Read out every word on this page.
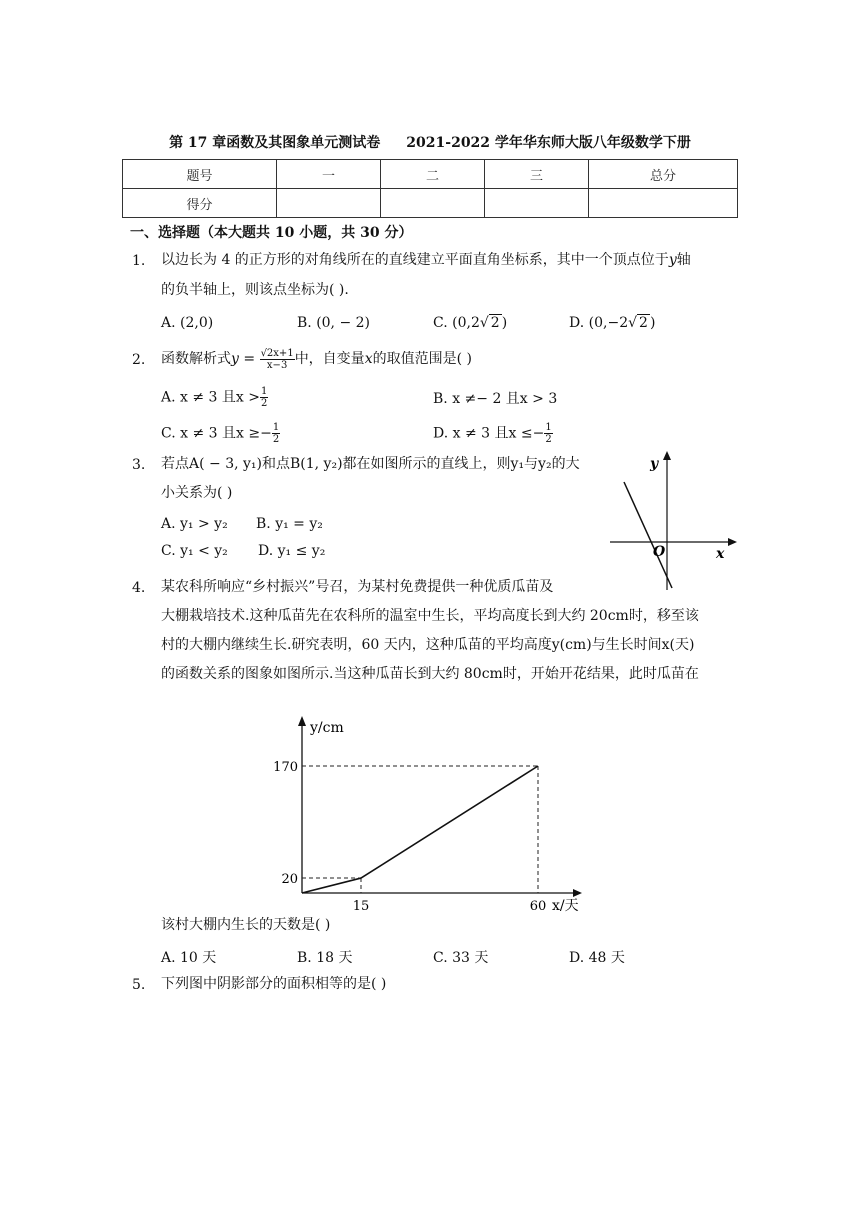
第 17 章函数及其图象单元测试卷 2021-2022 学年华东师大版八年级数学下册
题号	一	二	三	总分
得分				
一、选择题（本大题共 10 小题，共 30 分）
1. 以边长为 4 的正方形的对角线所在的直线建立平面直角坐标系，其中一个顶点位于y轴
的负半轴上，则该点坐标为( ).
A. (2,0)	B. (0, − 2)	C. (0,2√ 2 )	D. (0,−2√ 2 )
2. 函数解析式$y = \frac{√2x+1}{x-3}$ 中，自变量x的取值范围是( )
A. x ≠ 3 且$x > \frac{1}{2}$	B. x ≠− 2 且x > 3
C. x ≠ 3 且$x \ge- \frac{1}{2}$	D. x ≠ 3 且$x \le- \frac{1}{2}$
3. 若点A( − 3, y₁)和点B(1, y₂)都在如图所示的直线上，则y₁与y₂的大
小关系为( )
A. y₁ > y₂ B. y₁ = y₂
C. y₁ < y₂ D. y₁ ≤ y₂
y
x
O
4. 某农科所响应“乡村振兴”号召，为某村免费提供一种优质瓜苗及
大棚栽培技术.这种瓜苗先在农科所的温室中生长，平均高度长到大约 20cm时，移至该
村的大棚内继续生长.研究表明，60 天内，这种瓜苗的平均高度y(cm)与生长时间x(天)
的函数关系的图象如图所示.当这种瓜苗长到大约 80cm时，开始开花结果，此时瓜苗在
y/cm
x/天
170
20
15	60
该村大棚内生长的天数是( )
A. 10 天	B. 18 天	C. 33 天	D. 48 天
5. 下列图中阴影部分的面积相等的是( )
